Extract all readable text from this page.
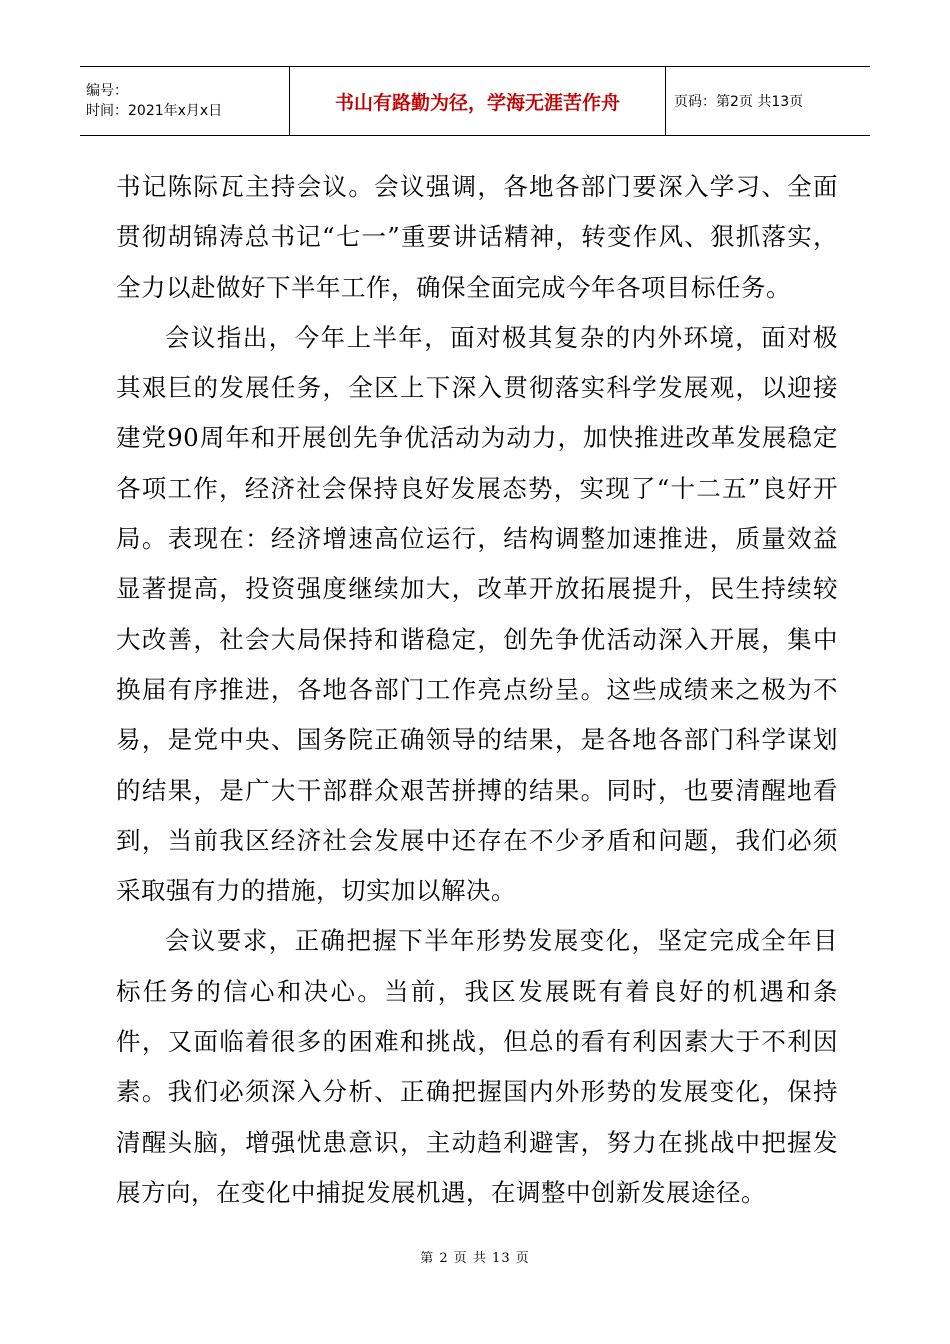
编号：
时间：2021年x月x日	书山有路勤为径，学海无涯苦作舟	页码：第2页 共13页

书记陈际瓦主持会议。会议强调，各地各部门要深入学习、全面贯彻胡锦涛总书记“七一”重要讲话精神，转变作风、狠抓落实，全力以赴做好下半年工作，确保全面完成今年各项目标任务。

会议指出，今年上半年，面对极其复杂的内外环境，面对极其艰巨的发展任务，全区上下深入贯彻落实科学发展观，以迎接建党90周年和开展创先争优活动为动力，加快推进改革发展稳定各项工作，经济社会保持良好发展态势，实现了“十二五”良好开局。表现在：经济增速高位运行，结构调整加速推进，质量效益显著提高，投资强度继续加大，改革开放拓展提升，民生持续较大改善，社会大局保持和谐稳定，创先争优活动深入开展，集中换届有序推进，各地各部门工作亮点纷呈。这些成绩来之极为不易，是党中央、国务院正确领导的结果，是各地各部门科学谋划的结果，是广大干部群众艰苦拼搏的结果。同时，也要清醒地看到，当前我区经济社会发展中还存在不少矛盾和问题，我们必须采取强有力的措施，切实加以解决。

会议要求，正确把握下半年形势发展变化，坚定完成全年目标任务的信心和决心。当前，我区发展既有着良好的机遇和条件，又面临着很多的困难和挑战，但总的看有利因素大于不利因素。我们必须深入分析、正确把握国内外形势的发展变化，保持清醒头脑，增强忧患意识，主动趋利避害，努力在挑战中把握发展方向，在变化中捕捉发展机遇，在调整中创新发展途径。

第 2 页 共 13 页
